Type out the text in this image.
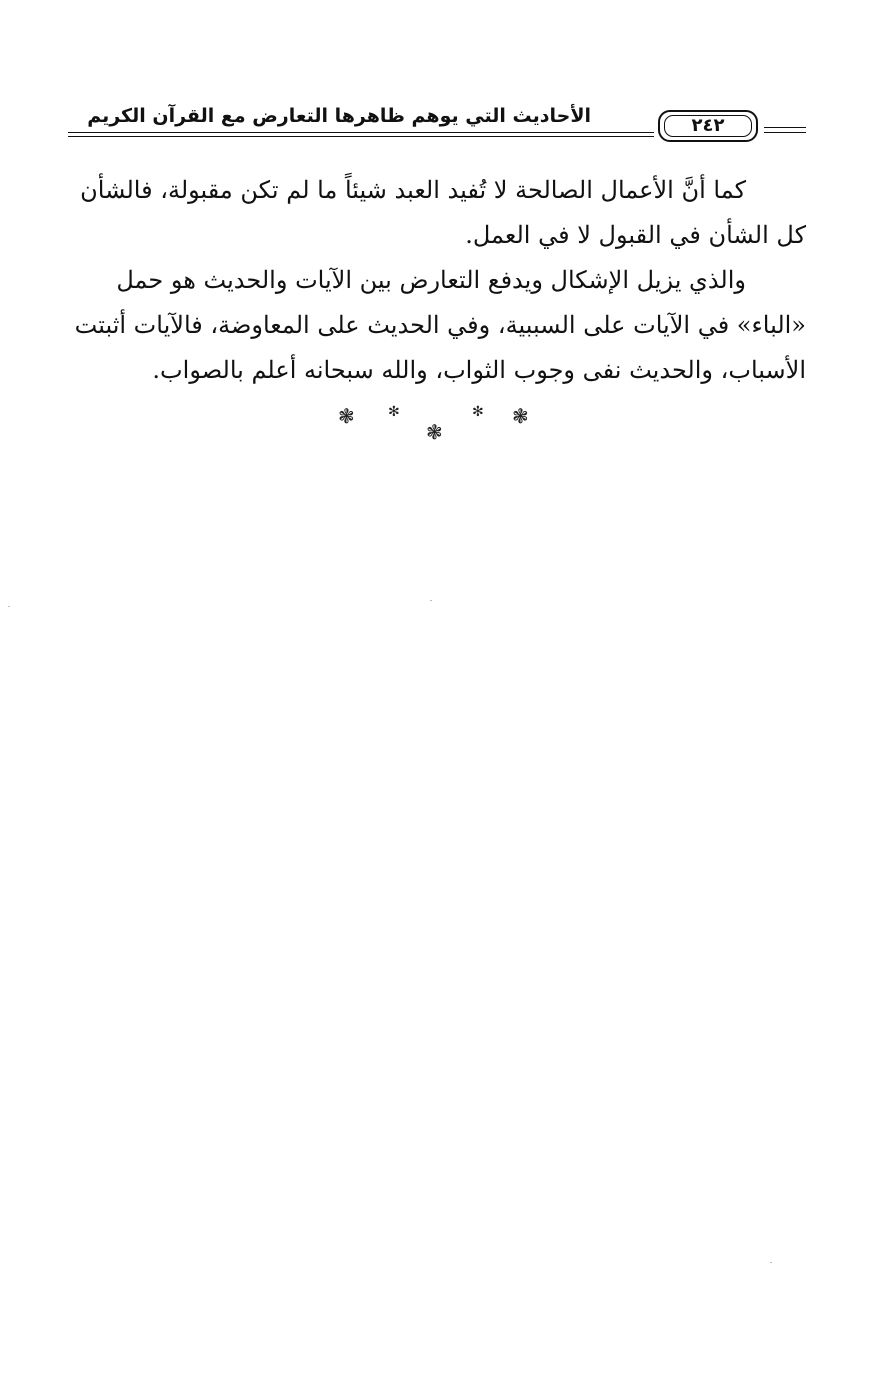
الأحاديث التي يوهم ظاهرها التعارض مع القرآن الكريم	٢٤٢

كما أنَّ الأعمال الصالحة لا تُفيد العبد شيئاً ما لم تكن مقبولة، فالشأن
كل الشأن في القبول لا في العمل.

والذي يزيل الإشكال ويدفع التعارض بين الآيات والحديث هو حمل
«الباء» في الآيات على السببية، وفي الحديث على المعاوضة، فالآيات أثبتت
الأسباب، والحديث نفى وجوب الثواب، والله سبحانه أعلم بالصواب.

❃ ✻
❃
✻ ❃
